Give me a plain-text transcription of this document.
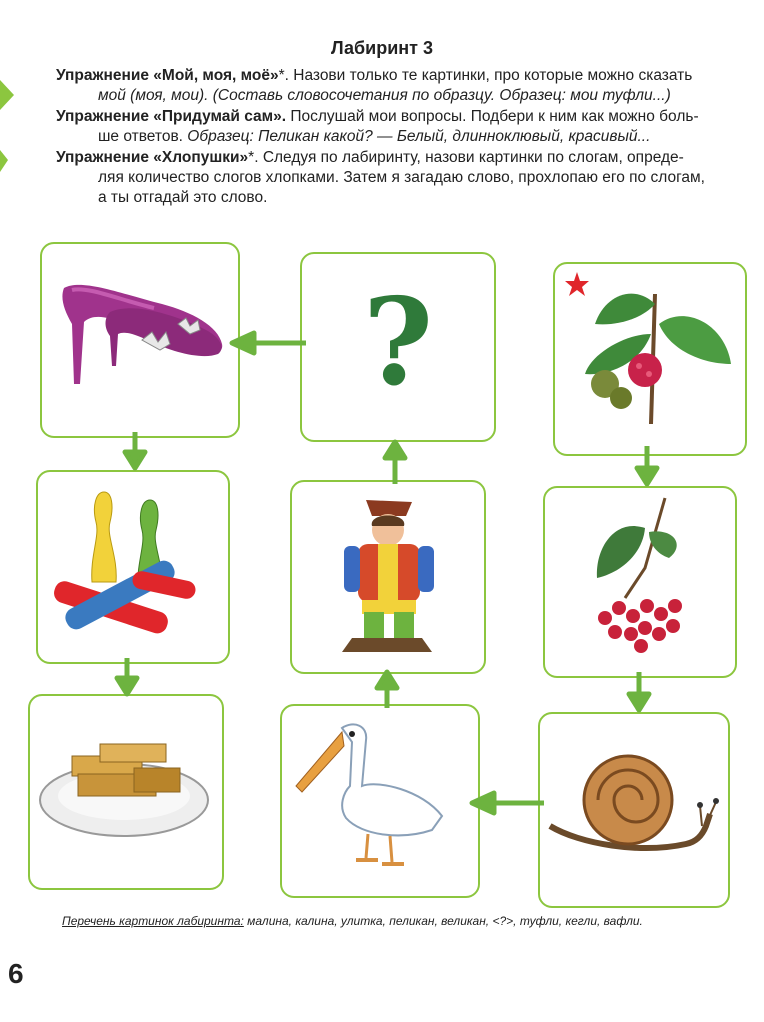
Лабиринт 3
Упражнение «Мой, моя, моё»*. Назови только те картинки, про которые можно сказать
мой (моя, мои). (Составь словосочетания по образцу. Образец: мои туфли...)
Упражнение «Придумай сам». Послушай мои вопросы. Подбери к ним как можно боль-
ше ответов. Образец: Пеликан какой? — Белый, длинноклювый, красивый...
Упражнение «Хлопушки»*. Следуя по лабиринту, назови картинки по слогам, опреде-
ляя количество слогов хлопками. Затем я загадаю слово, прохлопаю его по слогам,
а ты отгадай это слово.
?
Перечень картинок лабиринта: малина, калина, улитка, пеликан, великан, <?>, туфли, кегли, вафли.
6
